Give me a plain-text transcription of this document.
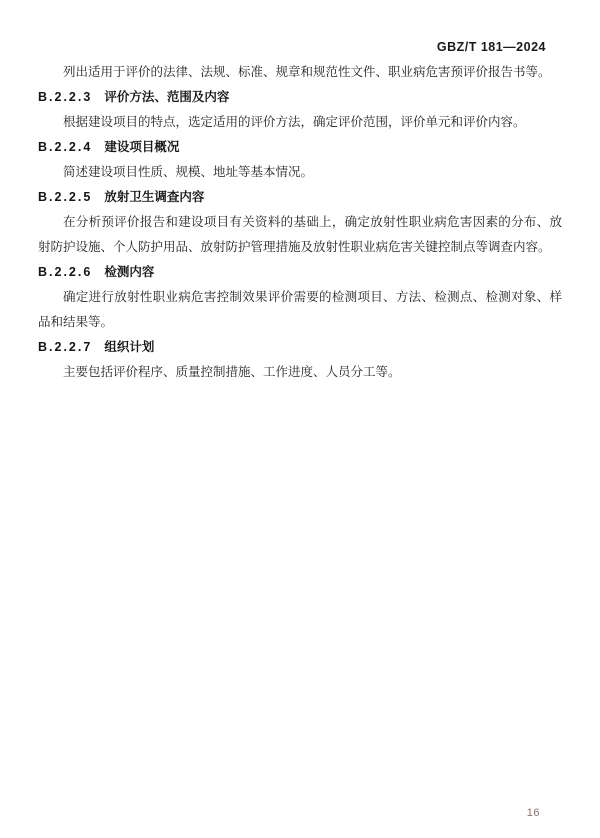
GBZ/T 181—2024

列出适用于评价的法律、法规、标准、规章和规范性文件、职业病危害预评价报告书等。

B.2.2.3 评价方法、范围及内容

根据建设项目的特点，选定适用的评价方法，确定评价范围，评价单元和评价内容。

B.2.2.4 建设项目概况

简述建设项目性质、规模、地址等基本情况。

B.2.2.5 放射卫生调查内容

在分析预评价报告和建设项目有关资料的基础上，确定放射性职业病危害因素的分布、放射防护设施、个人防护用品、放射防护管理措施及放射性职业病危害关键控制点等调查内容。

B.2.2.6 检测内容

确定进行放射性职业病危害控制效果评价需要的检测项目、方法、检测点、检测对象、样品和结果等。

B.2.2.7 组织计划

主要包括评价程序、质量控制措施、工作进度、人员分工等。

16
